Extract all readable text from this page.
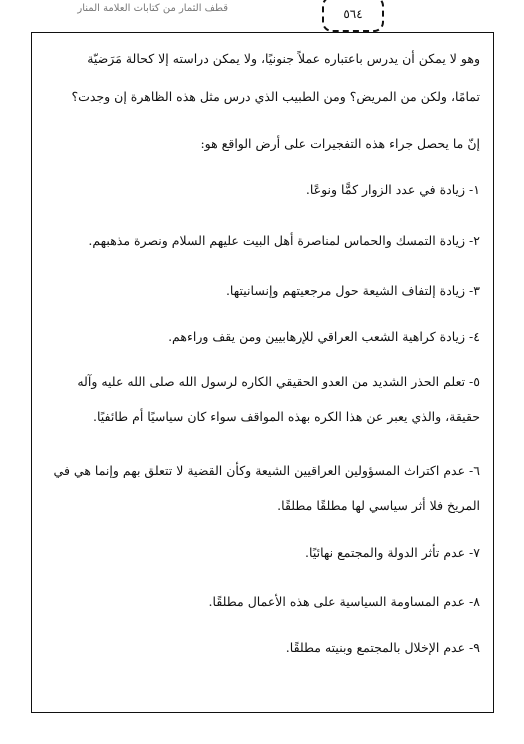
قطف الثمار من كتابات العلامة المنار	٥٦٤
وهو لا يمكن أن يدرس باعتباره عملاً جنونيًا، ولا يمكن دراسته إلا كحالة مَرَضيّة
تمامًا، ولكن من المريض؟ ومن الطبيب الذي درس مثل هذه الظاهرة إن وجدت؟
إنّ ما يحصل جراء هذه التفجيرات على أرض الواقع هو:
١- زيادة في عدد الزوار كمًّا ونوعًا.
٢- زيادة التمسك والحماس لمناصرة أهل البيت عليهم السلام ونصرة مذهبهم.
٣- زيادة إلتفاف الشيعة حول مرجعيتهم وإنسانيتها.
٤- زيادة كراهية الشعب العراقي للإرهابيين ومن يقف وراءهم.
٥- تعلم الحذر الشديد من العدو الحقيقي الكاره لرسول الله صلى الله عليه وآله
حقيقة، والذي يعبر عن هذا الكره بهذه المواقف سواء كان سياسيًا أم طائفيًا.
٦- عدم اكتراث المسؤولين العراقيين الشيعة وكأن القضية لا تتعلق بهم وإنما هي في
المريخ فلا أثر سياسي لها مطلقًا مطلقًا.
٧- عدم تأثر الدولة والمجتمع نهائيًا.
٨- عدم المساومة السياسية على هذه الأعمال مطلقًا.
٩- عدم الإخلال بالمجتمع وبنيته مطلقًا.
